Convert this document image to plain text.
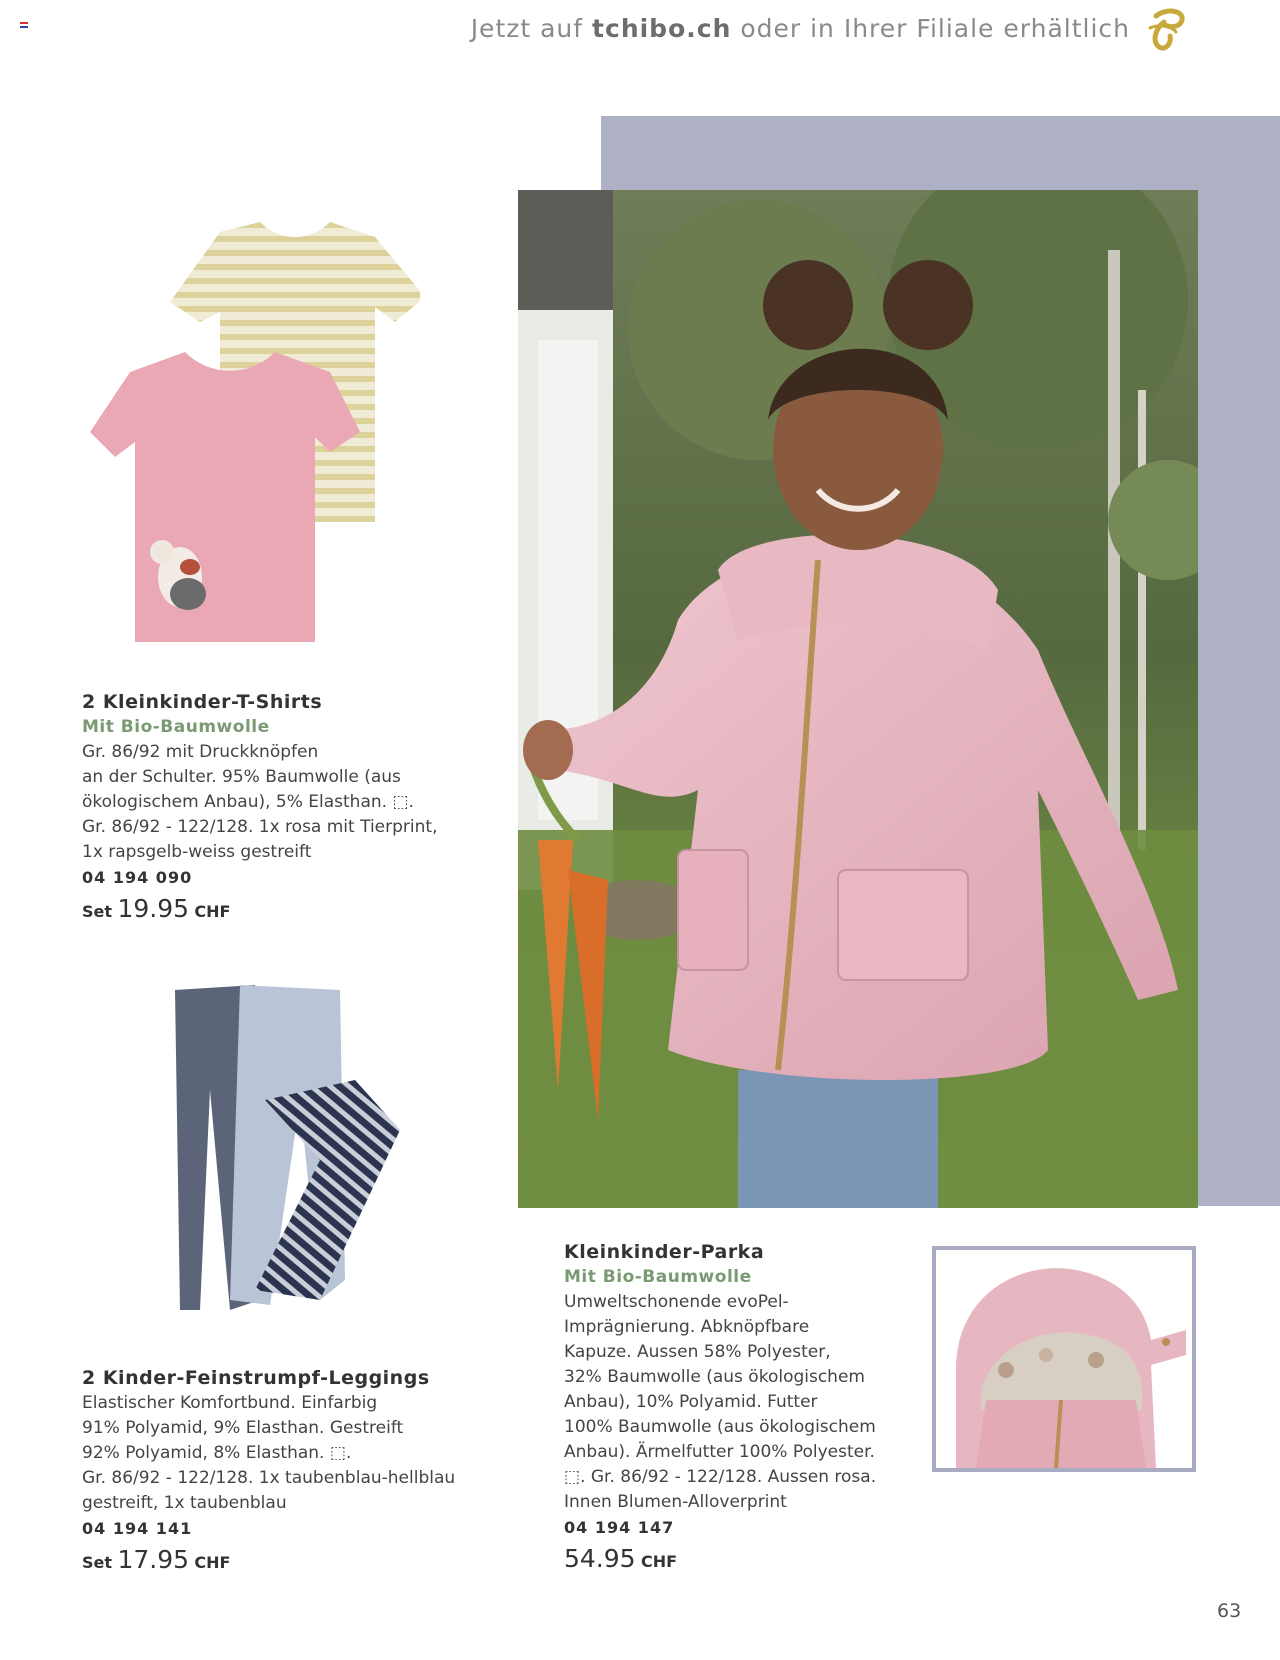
Jetzt auf tchibo.ch oder in Ihrer Filiale erhältlich
2 Kleinkinder-T-Shirts
Mit Bio-Baumwolle
Gr. 86/92 mit Druckknöpfen
an der Schulter. 95% Baumwolle (aus
ökologischem Anbau), 5% Elasthan. ⬚.
Gr. 86/92 - 122/128. 1x rosa mit Tierprint,
1x rapsgelb-weiss gestreift
04 194 090
Set 19.95 CHF
2 Kinder-Feinstrumpf-Leggings
Elastischer Komfortbund. Einfarbig
91% Polyamid, 9% Elasthan. Gestreift
92% Polyamid, 8% Elasthan. ⬚.
Gr. 86/92 - 122/128. 1x taubenblau-hellblau
gestreift, 1x taubenblau
04 194 141
Set 17.95 CHF
Kleinkinder-Parka
Mit Bio-Baumwolle
Umweltschonende evoPel-
Imprägnierung. Abknöpfbare
Kapuze. Aussen 58% Polyester,
32% Baumwolle (aus ökologischem
Anbau), 10% Polyamid. Futter
100% Baumwolle (aus ökologischem
Anbau). Ärmelfutter 100% Polyester.
⬚. Gr. 86/92 - 122/128. Aussen rosa.
Innen Blumen-Alloverprint
04 194 147
54.95 CHF
63
